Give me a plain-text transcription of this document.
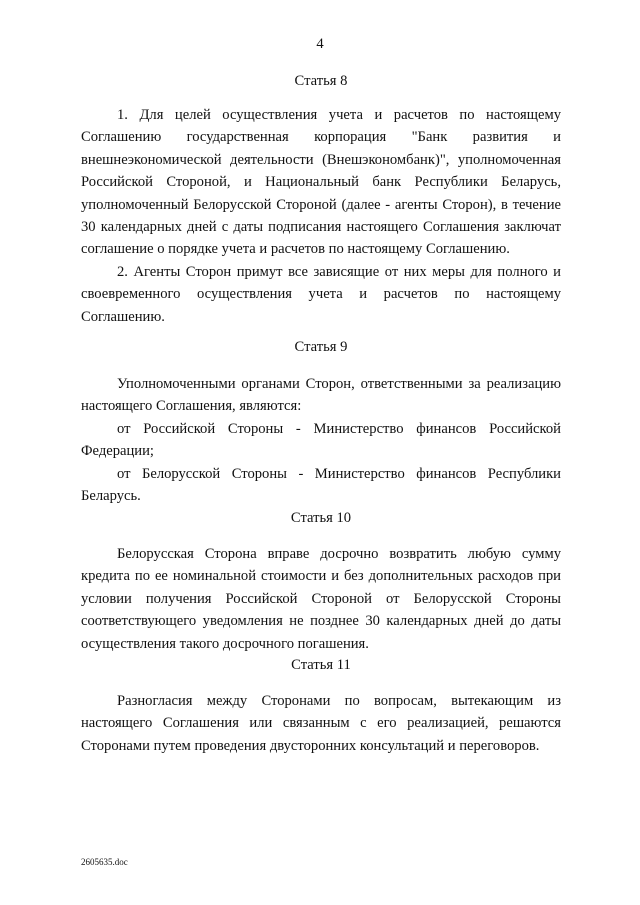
4

Статья 8

1. Для целей осуществления учета и расчетов по настоящему Соглашению государственная корпорация "Банк развития и внешнеэкономической деятельности (Внешэкономбанк)", уполномоченная Российской Стороной, и Национальный банк Республики Беларусь, уполномоченный Белорусской Стороной (далее - агенты Сторон), в течение 30 календарных дней с даты подписания настоящего Соглашения заключат соглашение о порядке учета и расчетов по настоящему Соглашению.

2. Агенты Сторон примут все зависящие от них меры для полного и своевременного осуществления учета и расчетов по настоящему Соглашению.

Статья 9

Уполномоченными органами Сторон, ответственными за реализацию настоящего Соглашения, являются:

от Российской Стороны - Министерство финансов Российской Федерации;

от Белорусской Стороны - Министерство финансов Республики Беларусь.

Статья 10

Белорусская Сторона вправе досрочно возвратить любую сумму кредита по ее номинальной стоимости и без дополнительных расходов при условии получения Российской Стороной от Белорусской Стороны соответствующего уведомления не позднее 30 календарных дней до даты осуществления такого досрочного погашения.

Статья 11

Разногласия между Сторонами по вопросам, вытекающим из настоящего Соглашения или связанным с его реализацией, решаются Сторонами путем проведения двусторонних консультаций и переговоров.

2605635.doc
